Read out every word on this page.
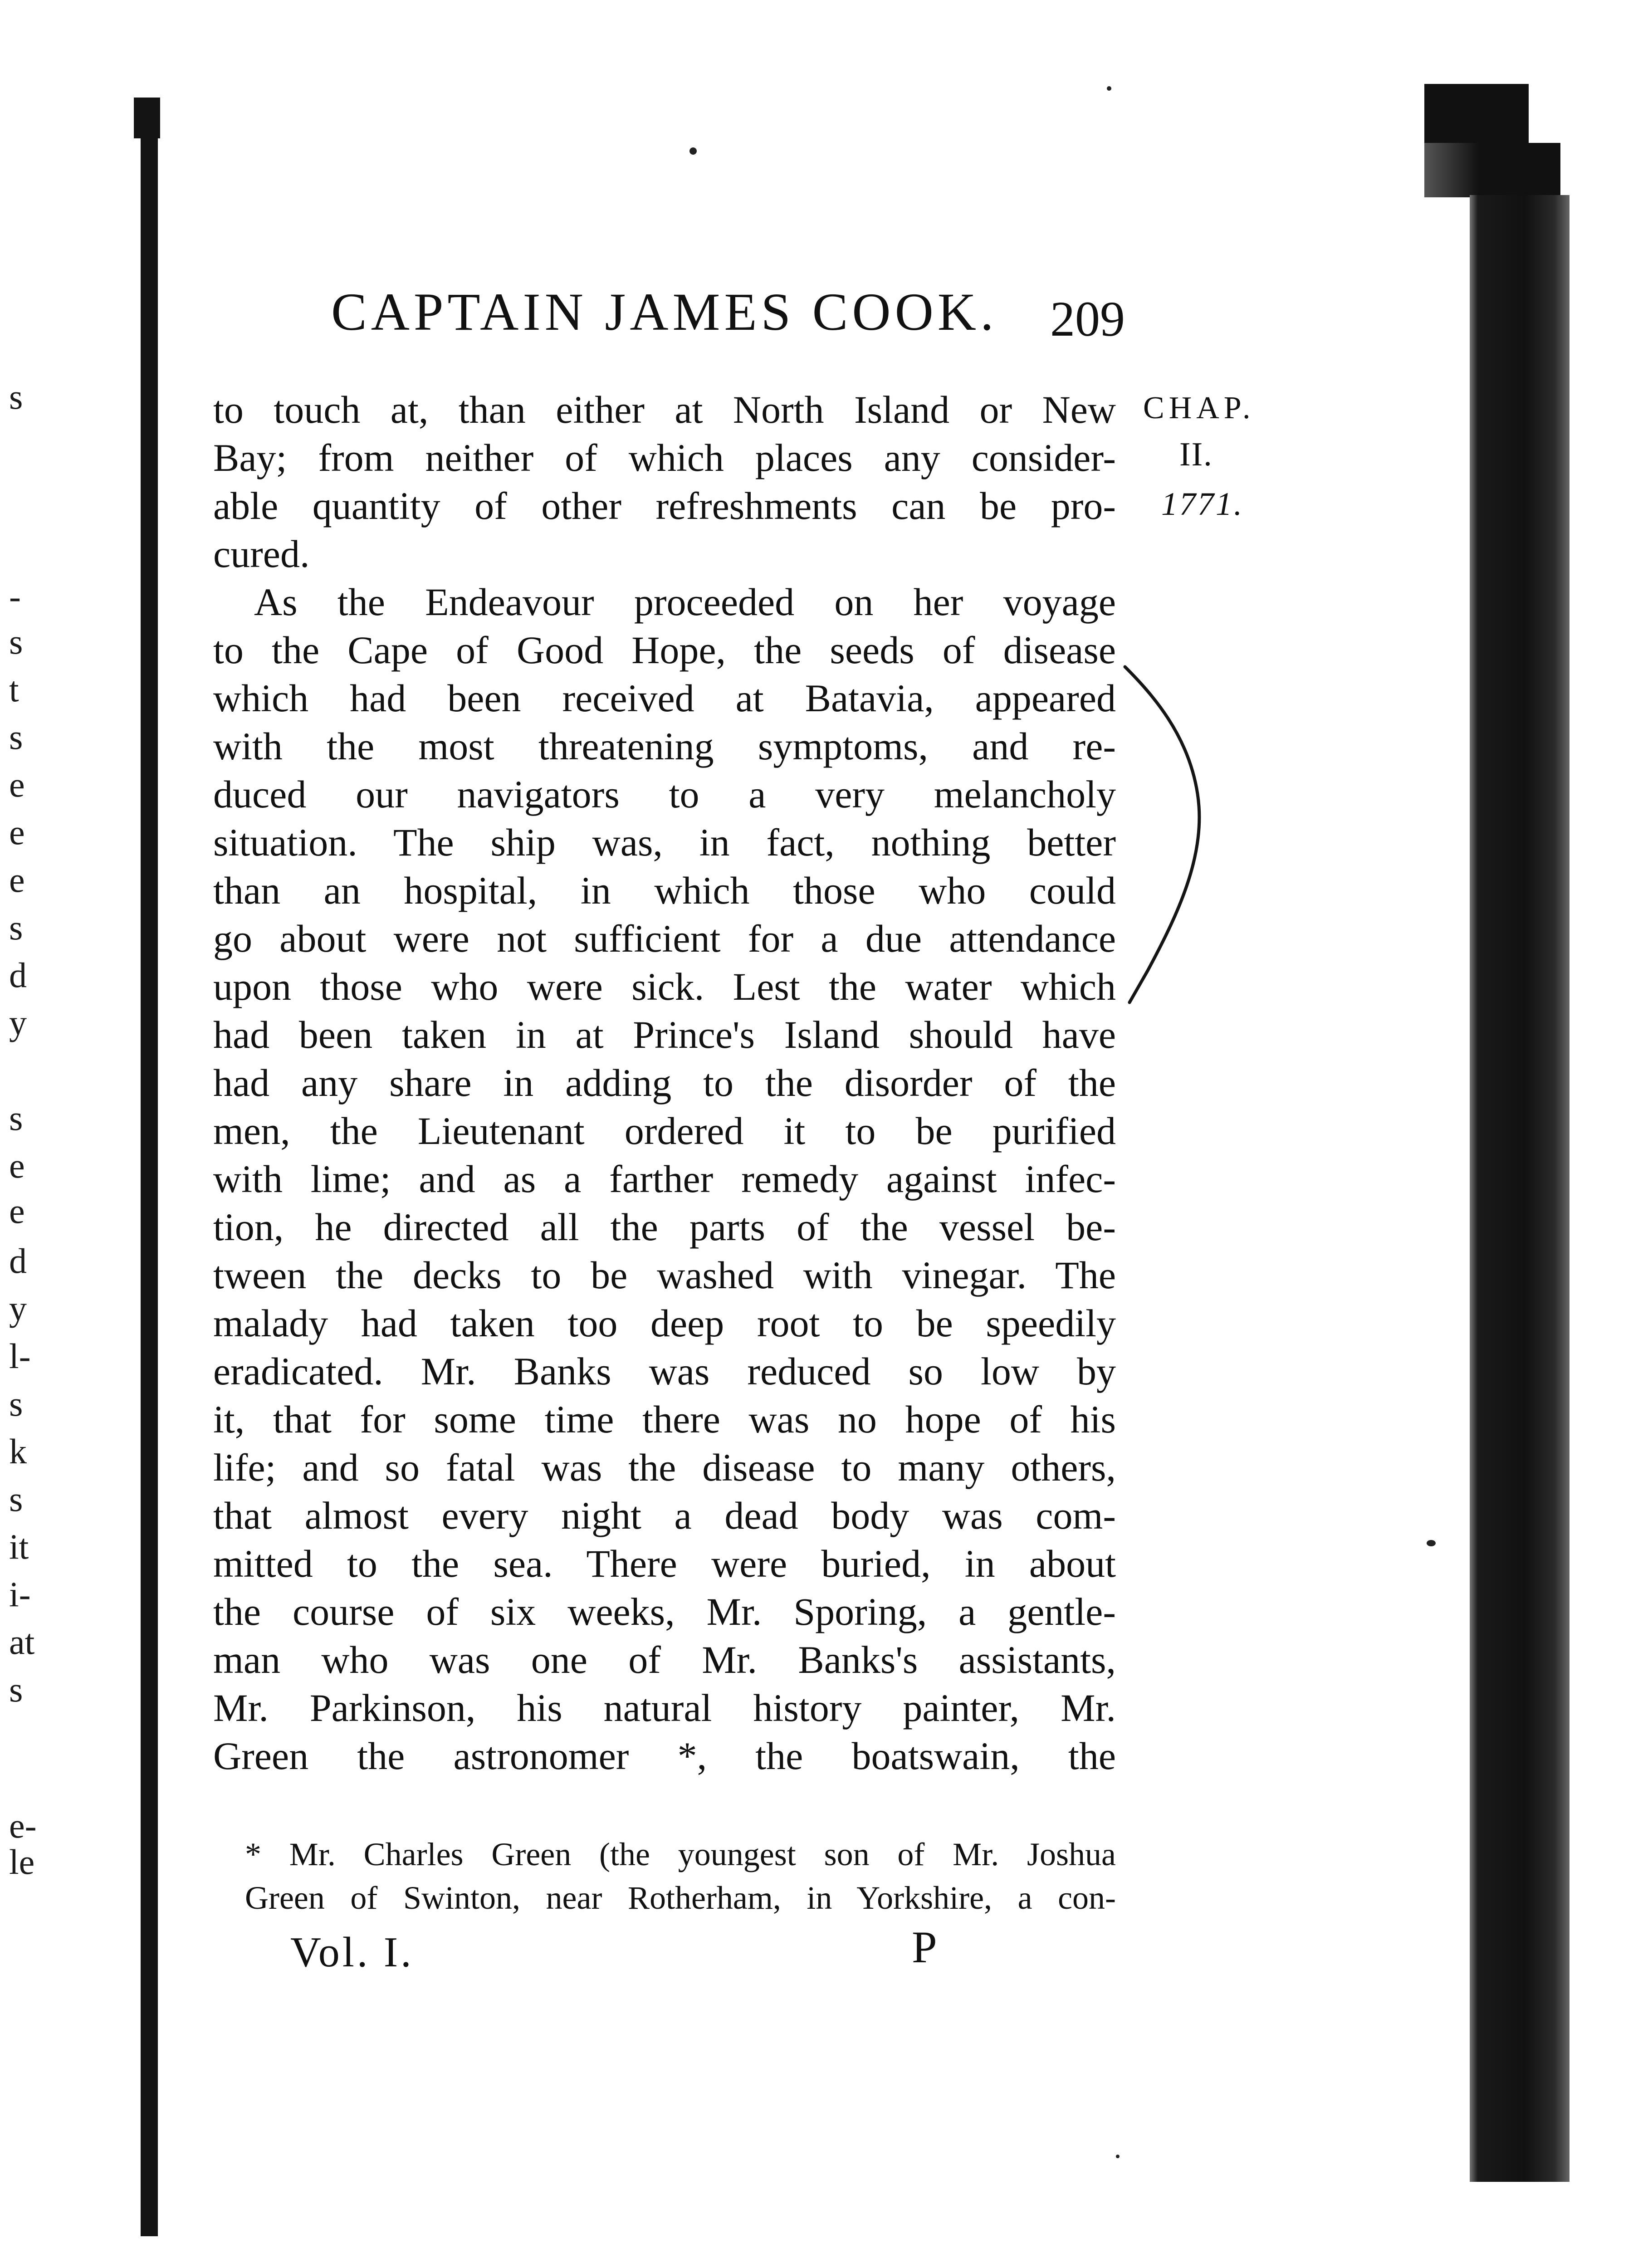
s
-
s
t
s
e
e
e
s
d
y
s
e
e
d
y
l-
s
k
s
it
i-
at
s
e-
le
CAPTAIN JAMES COOK. 209
CHAP.
II.
1771.
to touch at, than either at North Island or New
Bay; from neither of which places any consider-
able quantity of other refreshments can be pro-
cured.
As the Endeavour proceeded on her voyage
to the Cape of Good Hope, the seeds of disease
which had been received at Batavia, appeared
with the most threatening symptoms, and re-
duced our navigators to a very melancholy
situation. The ship was, in fact, nothing better
than an hospital, in which those who could
go about were not sufficient for a due attendance
upon those who were sick. Lest the water which
had been taken in at Prince's Island should have
had any share in adding to the disorder of the
men, the Lieutenant ordered it to be purified
with lime; and as a farther remedy against infec-
tion, he directed all the parts of the vessel be-
tween the decks to be washed with vinegar. The
malady had taken too deep root to be speedily
eradicated. Mr. Banks was reduced so low by
it, that for some time there was no hope of his
life; and so fatal was the disease to many others,
that almost every night a dead body was com-
mitted to the sea. There were buried, in about
the course of six weeks, Mr. Sporing, a gentle-
man who was one of Mr. Banks's assistants,
Mr. Parkinson, his natural history painter, Mr.
Green the astronomer *, the boatswain, the
* Mr. Charles Green (the youngest son of Mr. Joshua
Green of Swinton, near Rotherham, in Yorkshire, a con-
Vol. I.	P
